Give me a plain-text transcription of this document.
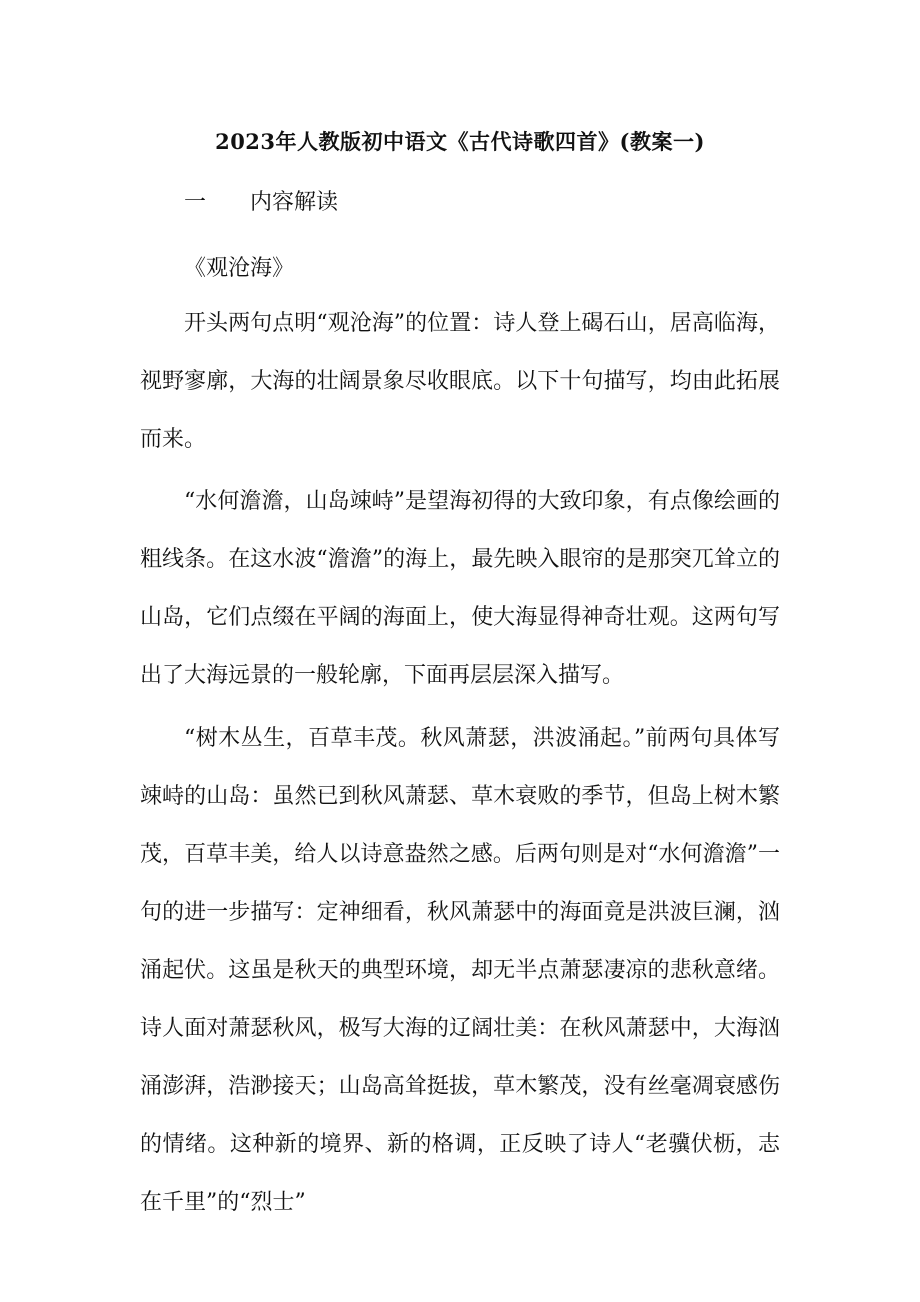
2023年人教版初中语文《古代诗歌四首》(教案一)
一 内容解读
《观沧海》

开头两句点明“观沧海”的位置：诗人登上碣石山，居高临海，视野寥廓，大海的壮阔景象尽收眼底。以下十句描写，均由此拓展而来。

“水何澹澹，山岛竦峙”是望海初得的大致印象，有点像绘画的粗线条。在这水波“澹澹”的海上，最先映入眼帘的是那突兀耸立的山岛，它们点缀在平阔的海面上，使大海显得神奇壮观。这两句写出了大海远景的一般轮廓，下面再层层深入描写。

“树木丛生，百草丰茂。秋风萧瑟，洪波涌起。”前两句具体写竦峙的山岛：虽然已到秋风萧瑟、草木衰败的季节，但岛上树木繁茂，百草丰美，给人以诗意盎然之感。后两句则是对“水何澹澹”一句的进一步描写：定神细看，秋风萧瑟中的海面竟是洪波巨澜，汹涌起伏。这虽是秋天的典型环境，却无半点萧瑟凄凉的悲秋意绪。诗人面对萧瑟秋风，极写大海的辽阔壮美：在秋风萧瑟中，大海汹涌澎湃，浩渺接天；山岛高耸挺拔，草木繁茂，没有丝毫凋衰感伤的情绪。这种新的境界、新的格调，正反映了诗人“老骥伏枥，志在千里”的“烈士”
